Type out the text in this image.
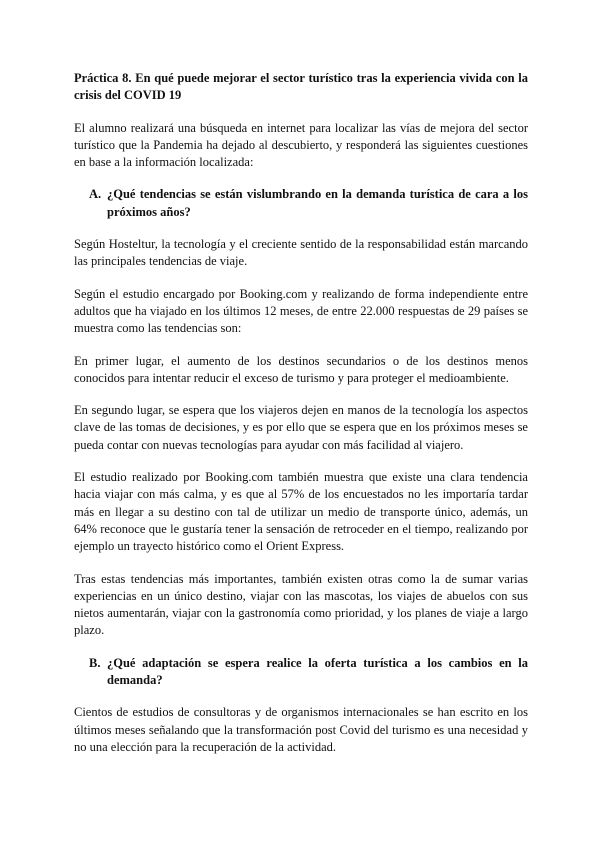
Práctica 8. En qué puede mejorar el sector turístico tras la experiencia vivida con la crisis del COVID 19

El alumno realizará una búsqueda en internet para localizar las vías de mejora del sector turístico que la Pandemia ha dejado al descubierto, y responderá las siguientes cuestiones en base a la información localizada:

A. ¿Qué tendencias se están vislumbrando en la demanda turística de cara a los próximos años?

Según Hosteltur, la tecnología y el creciente sentido de la responsabilidad están marcando las principales tendencias de viaje.

Según el estudio encargado por Booking.com y realizando de forma independiente entre adultos que ha viajado en los últimos 12 meses, de entre 22.000 respuestas de 29 países se muestra como las tendencias son:

En primer lugar, el aumento de los destinos secundarios o de los destinos menos conocidos para intentar reducir el exceso de turismo y para proteger el medioambiente.

En segundo lugar, se espera que los viajeros dejen en manos de la tecnología los aspectos clave de las tomas de decisiones, y es por ello que se espera que en los próximos meses se pueda contar con nuevas tecnologías para ayudar con más facilidad al viajero.

El estudio realizado por Booking.com también muestra que existe una clara tendencia hacia viajar con más calma, y es que al 57% de los encuestados no les importaría tardar más en llegar a su destino con tal de utilizar un medio de transporte único, además, un 64% reconoce que le gustaría tener la sensación de retroceder en el tiempo, realizando por ejemplo un trayecto histórico como el Orient Express.

Tras estas tendencias más importantes, también existen otras como la de sumar varias experiencias en un único destino, viajar con las mascotas, los viajes de abuelos con sus nietos aumentarán, viajar con la gastronomía como prioridad, y los planes de viaje a largo plazo.

B. ¿Qué adaptación se espera realice la oferta turística a los cambios en la demanda?

Cientos de estudios de consultoras y de organismos internacionales se han escrito en los últimos meses señalando que la transformación post Covid del turismo es una necesidad y no una elección para la recuperación de la actividad.
